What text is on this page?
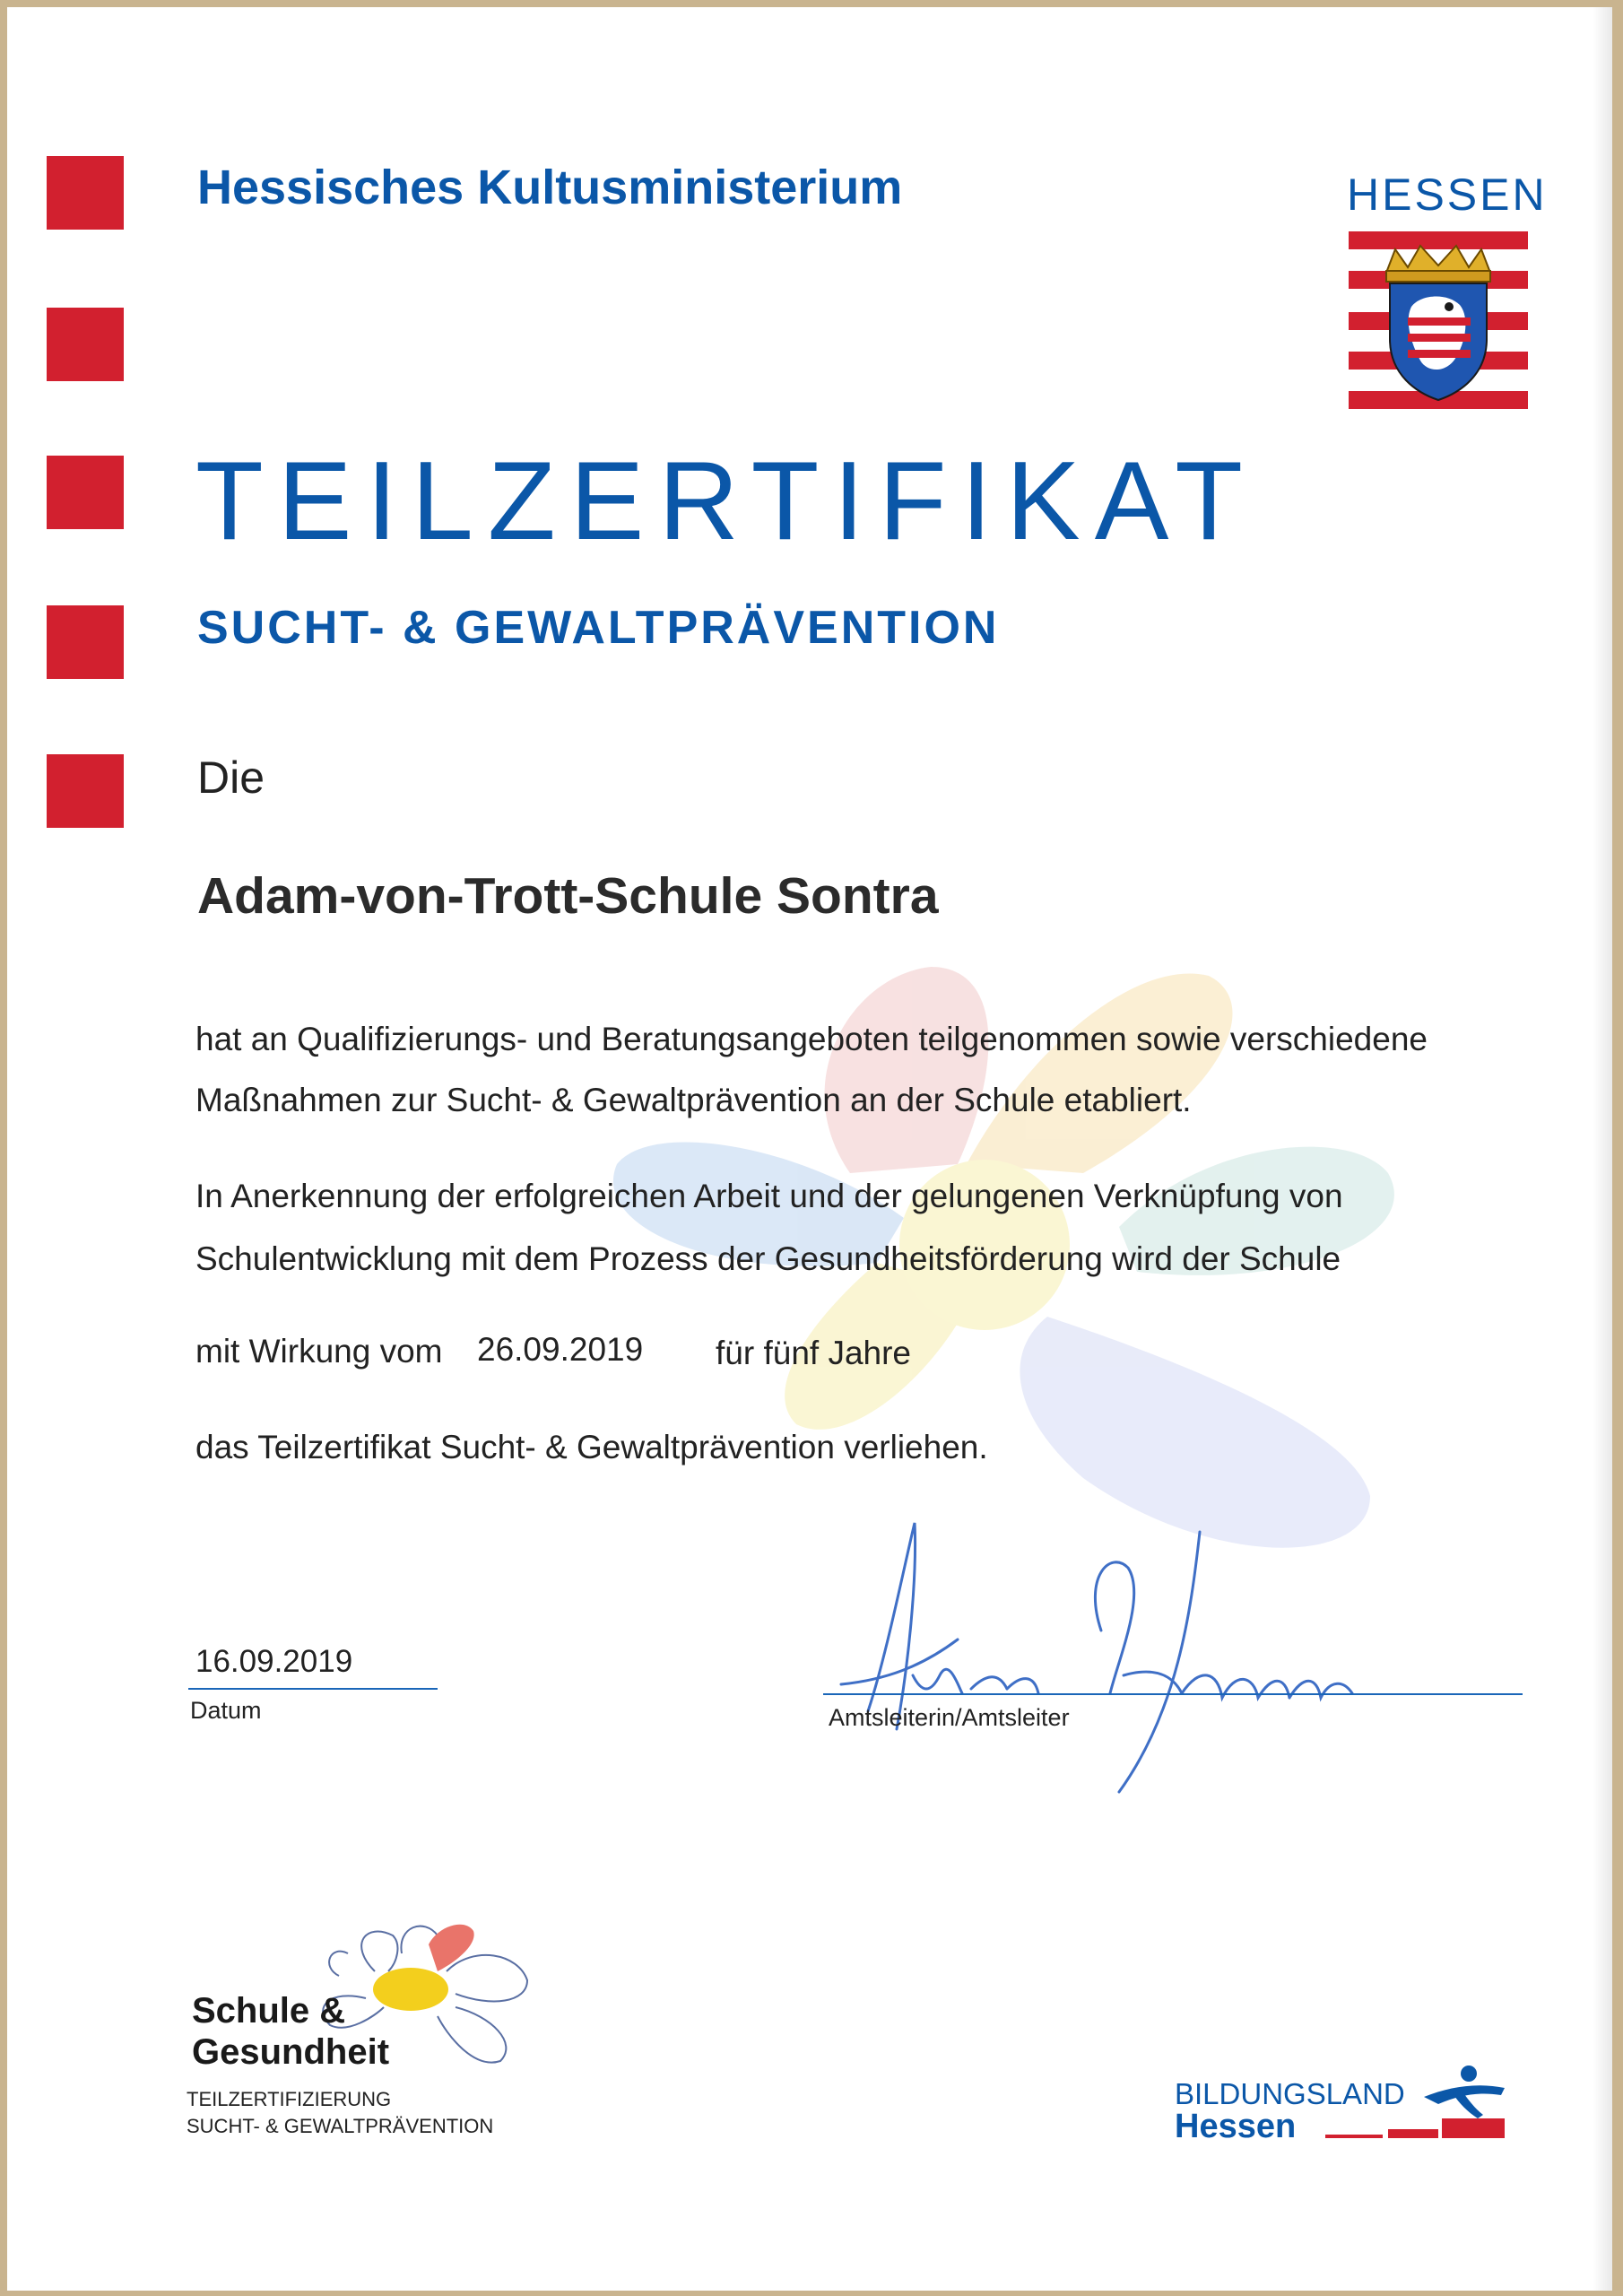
Hessisches Kultusministerium	HESSEN
TEILZERTIFIKAT
SUCHT- & GEWALTPRÄVENTION
Die
Adam-von-Trott-Schule Sontra
hat an Qualifizierungs- und Beratungsangeboten teilgenommen sowie verschiedene
Maßnahmen zur Sucht- & Gewaltprävention an der Schule etabliert.
In Anerkennung der erfolgreichen Arbeit und der gelungenen Verknüpfung von
Schulentwicklung mit dem Prozess der Gesundheitsförderung wird der Schule
mit Wirkung vom 26.09.2019 für fünf Jahre
das Teilzertifikat Sucht- & Gewaltprävention verliehen.
16.09.2019
Datum	Amtsleiterin/Amtsleiter
Schule &
Gesundheit
TEILZERTIFIZIERUNG
SUCHT- & GEWALTPRÄVENTION
BILDUNGSLAND
Hessen
